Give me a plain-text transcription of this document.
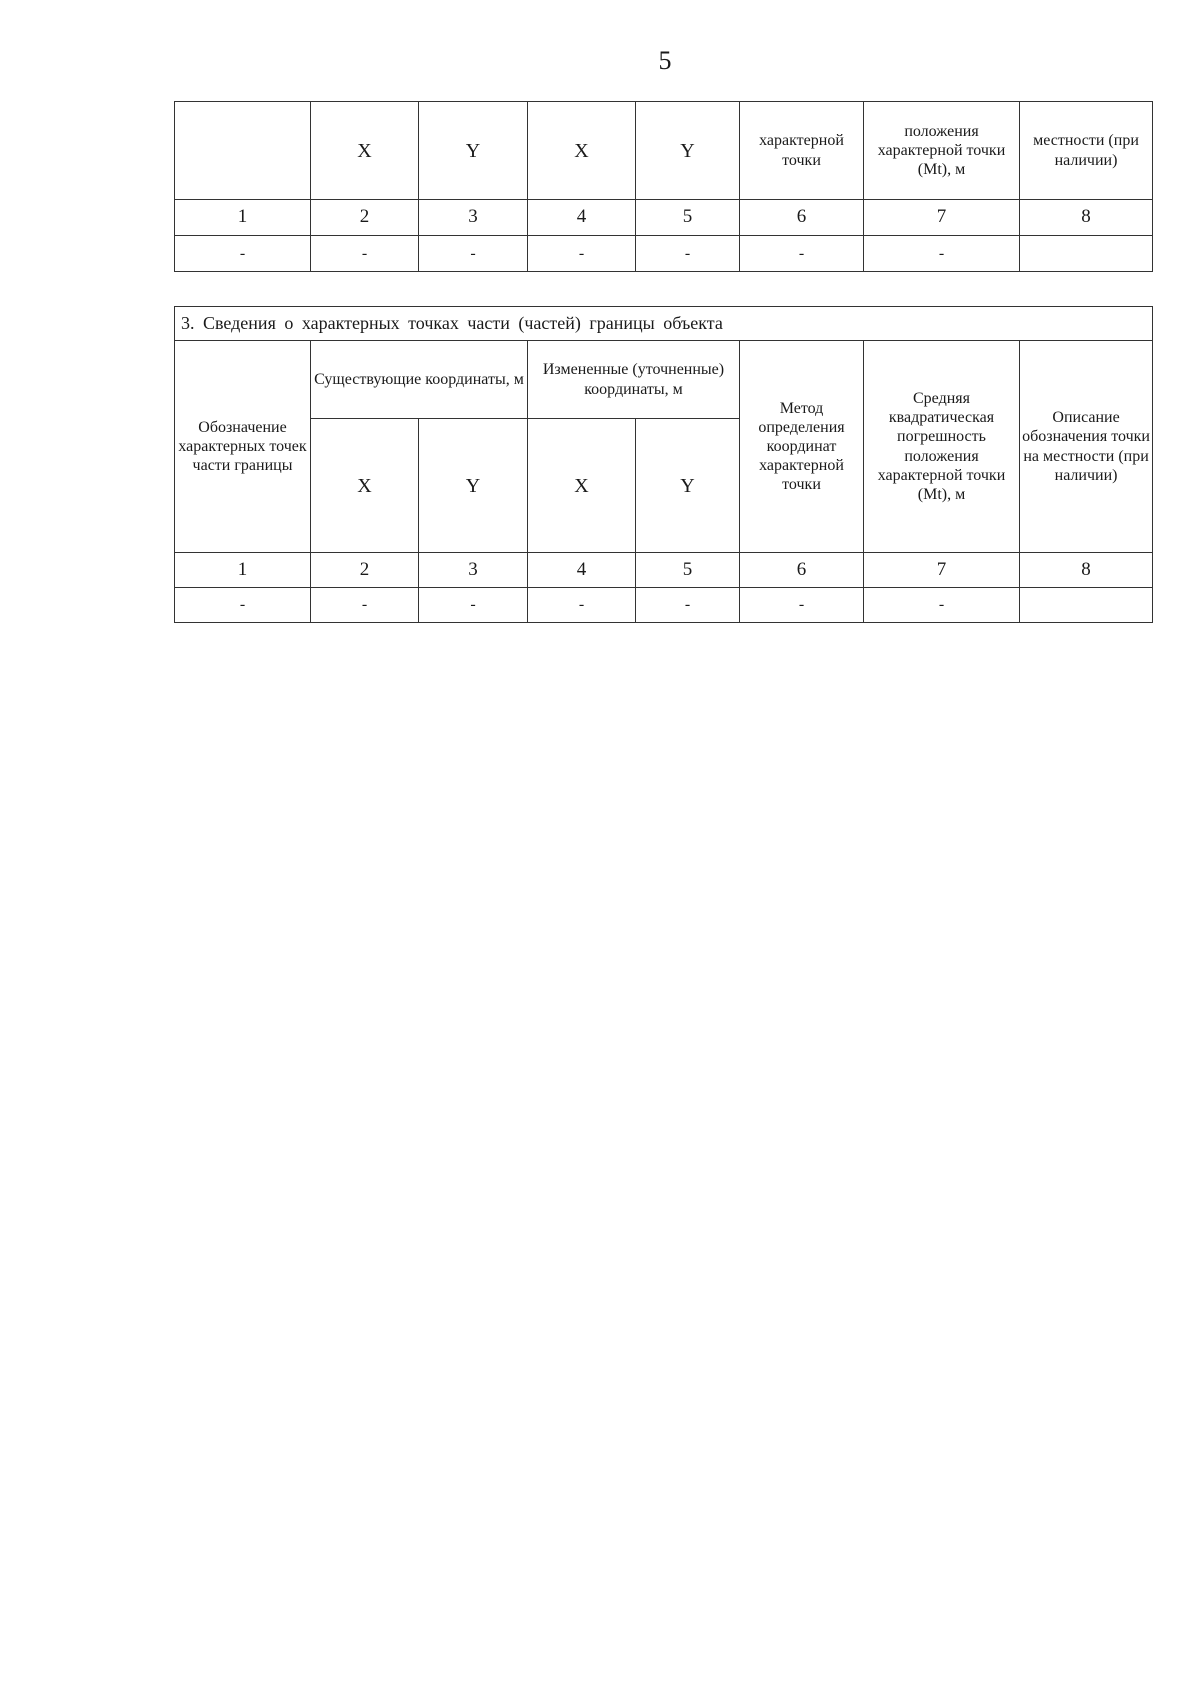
5
	X	Y	X	Y	характерной точки	положения характерной точки (Mt), м	местности (при наличии)
1	2	3	4	5	6	7	8
-	-	-	-	-	-	-	
3. Сведения о характерных точках части (частей) границы объекта							
Обозначение характерных точек части границы	Существующие координаты, м		Измененные (уточненные) координаты, м		Метод определения координат характерной точки	Средняя квадратическая погрешность положения характерной точки (Mt), м	Описание обозначения точки на местности (при наличии)
	X	Y	X	Y			
1	2	3	4	5	6	7	8
-	-	-	-	-	-	-	
